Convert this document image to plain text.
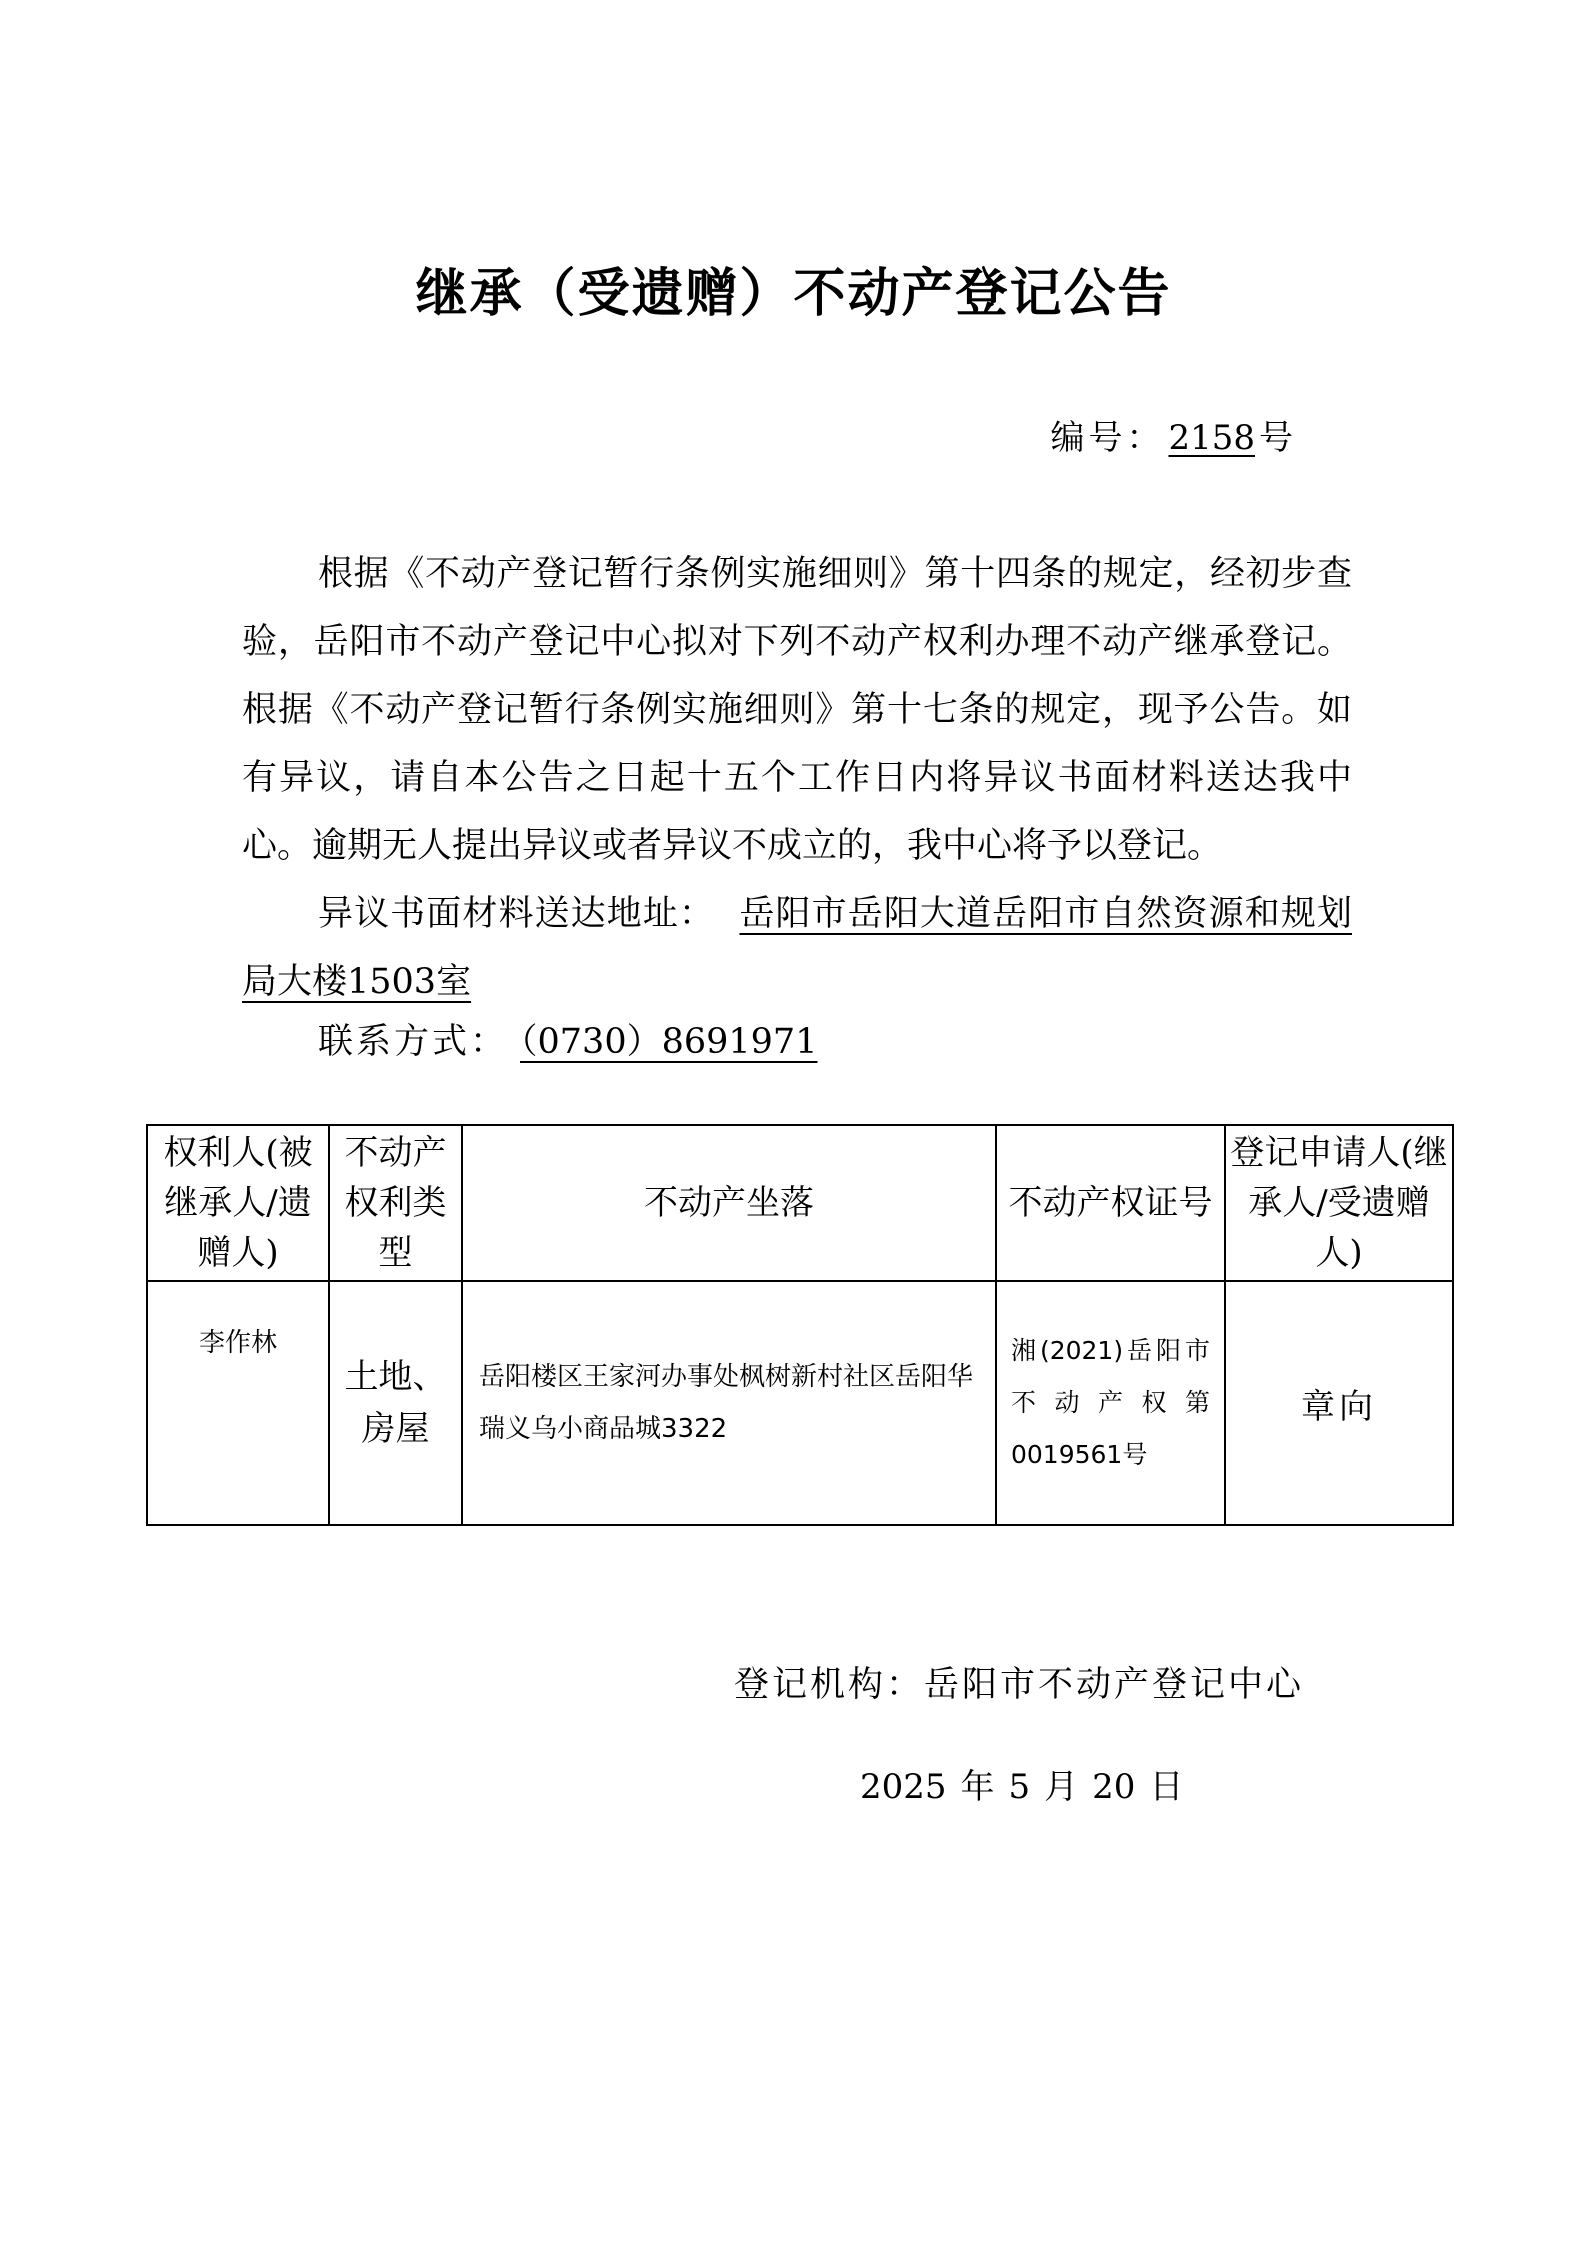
继承（受遗赠）不动产登记公告
编号： 2158 号

根据《不动产登记暂行条例实施细则》第十四条的规定，经初步查验，岳阳市不动产登记中心拟对下列不动产权利办理不动产继承登记。根据《不动产登记暂行条例实施细则》第十七条的规定，现予公告。如有异议，请自本公告之日起十五个工作日内将异议书面材料送达我中心。逾期无人提出异议或者异议不成立的，我中心将予以登记。

异议书面材料送达地址： 岳阳市岳阳大道岳阳市自然资源和规划局大楼1503室

联系方式： （0730）8691971
权利人(被继承人/遗赠人)	不动产权利类型	不动产坐落	不动产权证号	登记申请人(继承人/受遗赠人)
李作林	土地、房屋	岳阳楼区王家河办事处枫树新村社区岳阳华瑞义乌小商品城3322	湘(2021)岳阳市不动产权第0019561号	章向
登记机构：岳阳市不动产登记中心
2025 年 5 月 20 日
